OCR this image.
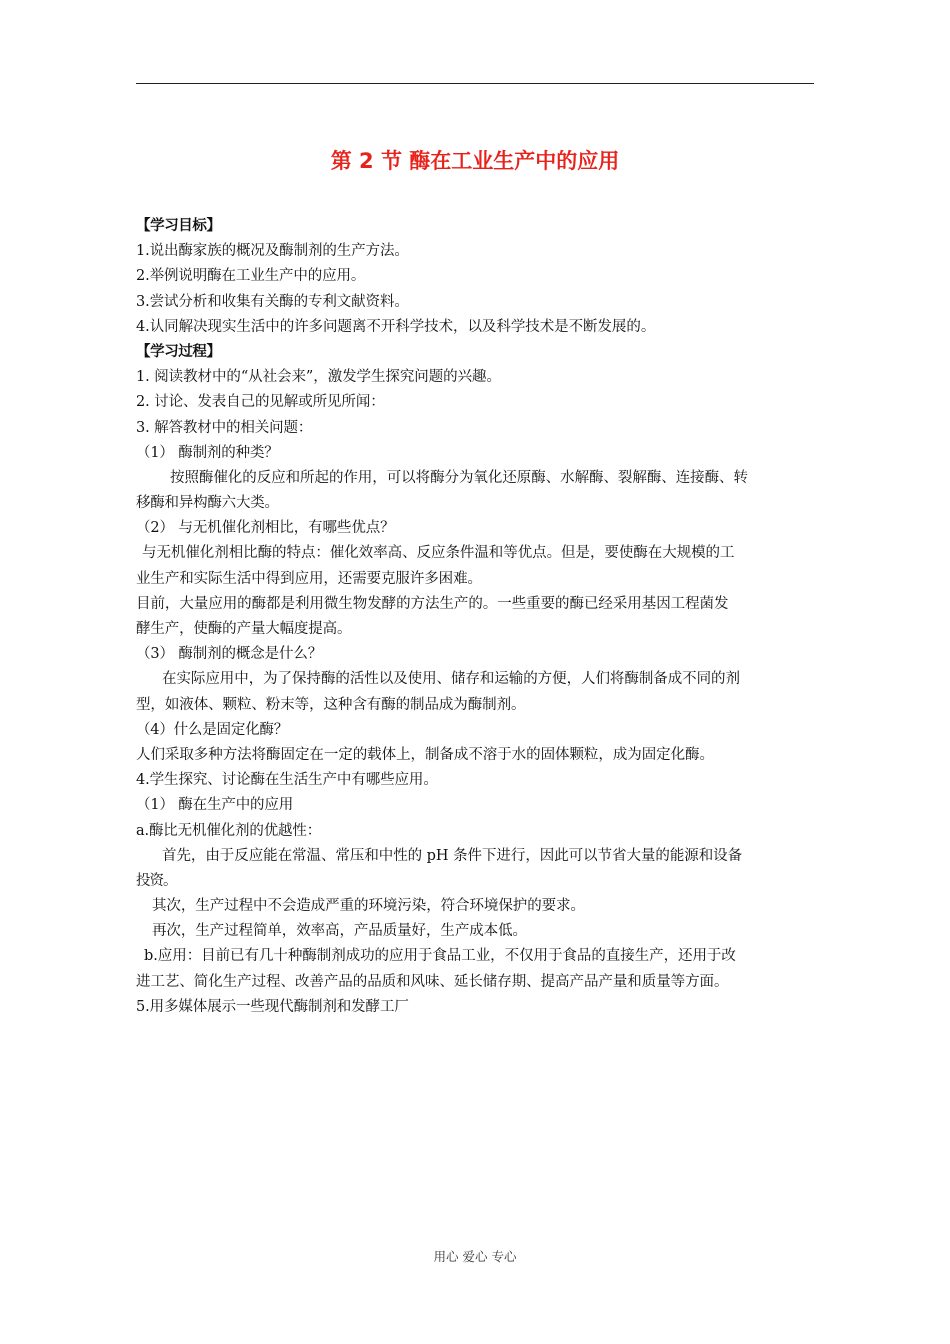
第 2 节 酶在工业生产中的应用
【学习目标】
1.说出酶家族的概况及酶制剂的生产方法。
2.举例说明酶在工业生产中的应用。
3.尝试分析和收集有关酶的专利文献资料。
4.认同解决现实生活中的许多问题离不开科学技术，以及科学技术是不断发展的。
【学习过程】
1. 阅读教材中的“从社会来”，激发学生探究问题的兴趣。
2. 讨论、发表自己的见解或所见所闻：
3. 解答教材中的相关问题：
（1） 酶制剂的种类？
按照酶催化的反应和所起的作用，可以将酶分为氧化还原酶、水解酶、裂解酶、连接酶、转
移酶和异构酶六大类。
（2） 与无机催化剂相比，有哪些优点？
与无机催化剂相比酶的特点：催化效率高、反应条件温和等优点。但是，要使酶在大规模的工
业生产和实际生活中得到应用，还需要克服许多困难。
目前，大量应用的酶都是利用微生物发酵的方法生产的。一些重要的酶已经采用基因工程菌发
酵生产，使酶的产量大幅度提高。
（3） 酶制剂的概念是什么？
在实际应用中，为了保持酶的活性以及使用、储存和运输的方便，人们将酶制备成不同的剂
型，如液体、颗粒、粉末等，这种含有酶的制品成为酶制剂。
（4）什么是固定化酶？
人们采取多种方法将酶固定在一定的载体上，制备成不溶于水的固体颗粒，成为固定化酶。
4.学生探究、讨论酶在生活生产中有哪些应用。
（1） 酶在生产中的应用
a.酶比无机催化剂的优越性：
首先，由于反应能在常温、常压和中性的 pH 条件下进行，因此可以节省大量的能源和设备
投资。
其次，生产过程中不会造成严重的环境污染，符合环境保护的要求。
再次，生产过程简单，效率高，产品质量好，生产成本低。
b.应用：目前已有几十种酶制剂成功的应用于食品工业，不仅用于食品的直接生产，还用于改
进工艺、简化生产过程、改善产品的品质和风味、延长储存期、提高产品产量和质量等方面。
5.用多媒体展示一些现代酶制剂和发酵工厂
用心 爱心 专心
